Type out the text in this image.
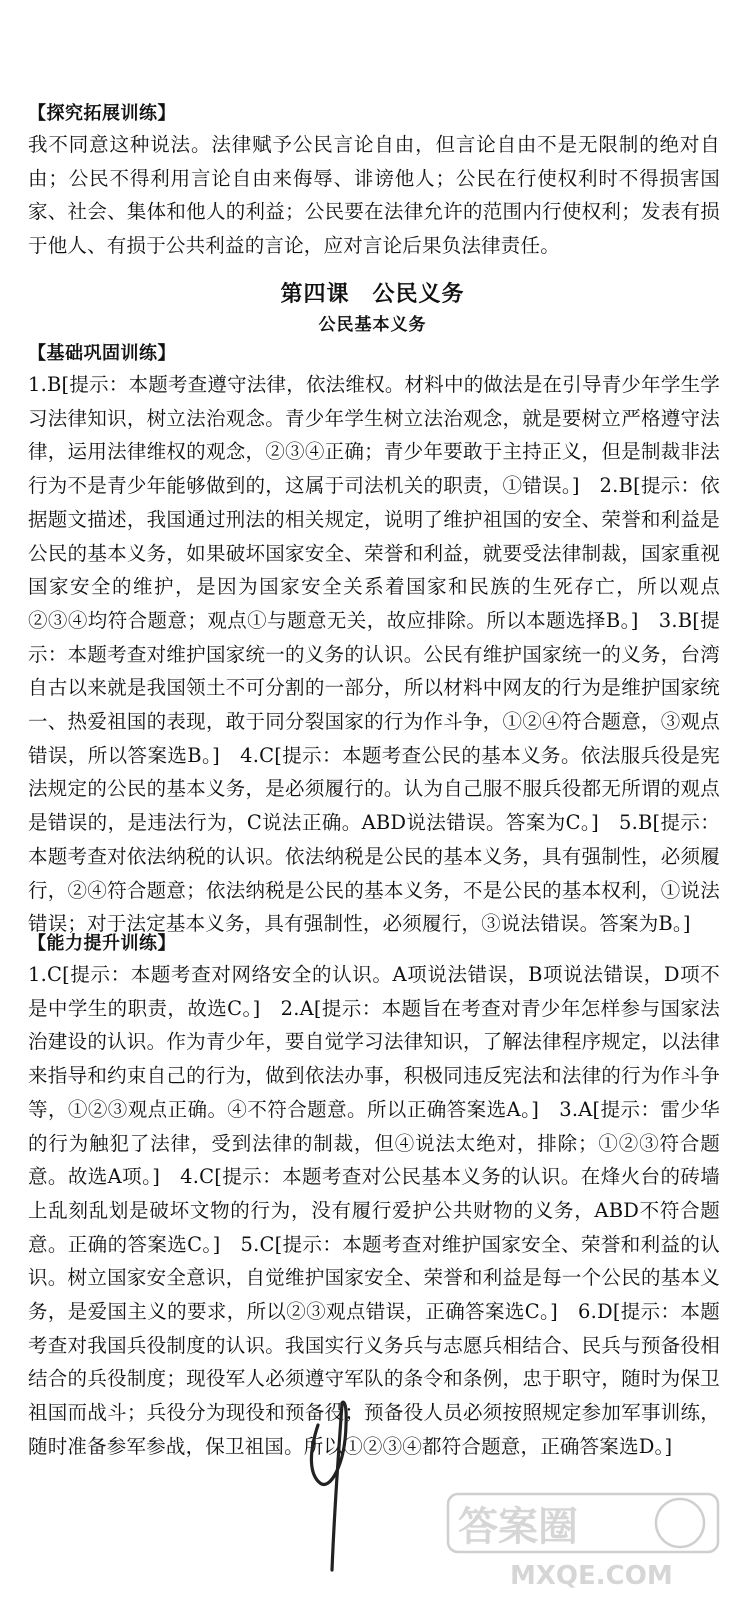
【探究拓展训练】

我不同意这种说法。法律赋予公民言论自由，但言论自由不是无限制的绝对自由；公民不得利用言论自由来侮辱、诽谤他人；公民在行使权利时不得损害国家、社会、集体和他人的利益；公民要在法律允许的范围内行使权利；发表有损于他人、有损于公共利益的言论，应对言论后果负法律责任。

第四课　公民义务
公民基本义务
【基础巩固训练】

1.B[提示：本题考查遵守法律，依法维权。材料中的做法是在引导青少年学生学习法律知识，树立法治观念。青少年学生树立法治观念，就是要树立严格遵守法律，运用法律维权的观念，②③④正确；青少年要敢于主持正义，但是制裁非法行为不是青少年能够做到的，这属于司法机关的职责，①错误。]　2.B[提示：依据题文描述，我国通过刑法的相关规定，说明了维护祖国的安全、荣誉和利益是公民的基本义务，如果破坏国家安全、荣誉和利益，就要受法律制裁，国家重视国家安全的维护，是因为国家安全关系着国家和民族的生死存亡，所以观点②③④均符合题意；观点①与题意无关，故应排除。所以本题选择B。]　3.B[提示：本题考查对维护国家统一的义务的认识。公民有维护国家统一的义务，台湾自古以来就是我国领土不可分割的一部分，所以材料中网友的行为是维护国家统一、热爱祖国的表现，敢于同分裂国家的行为作斗争，①②④符合题意，③观点错误，所以答案选B。]　4.C[提示：本题考查公民的基本义务。依法服兵役是宪法规定的公民的基本义务，是必须履行的。认为自己服不服兵役都无所谓的观点是错误的，是违法行为，C说法正确。ABD说法错误。答案为C。]　5.B[提示：本题考查对依法纳税的认识。依法纳税是公民的基本义务，具有强制性，必须履行，②④符合题意；依法纳税是公民的基本义务，不是公民的基本权利，①说法错误；对于法定基本义务，具有强制性，必须履行，③说法错误。答案为B。]

【能力提升训练】

1.C[提示：本题考查对网络安全的认识。A项说法错误，B项说法错误，D项不是中学生的职责，故选C。]　2.A[提示：本题旨在考查对青少年怎样参与国家法治建设的认识。作为青少年，要自觉学习法律知识，了解法律程序规定，以法律来指导和约束自己的行为，做到依法办事，积极同违反宪法和法律的行为作斗争等，①②③观点正确。④不符合题意。所以正确答案选A。]　3.A[提示：雷少华的行为触犯了法律，受到法律的制裁，但④说法太绝对，排除；①②③符合题意。故选A项。]　4.C[提示：本题考查对公民基本义务的认识。在烽火台的砖墙上乱刻乱划是破坏文物的行为，没有履行爱护公共财物的义务，ABD不符合题意。正确的答案选C。]　5.C[提示：本题考查对维护国家安全、荣誉和利益的认识。树立国家安全意识，自觉维护国家安全、荣誉和利益是每一个公民的基本义务，是爱国主义的要求，所以②③观点错误，正确答案选C。]　6.D[提示：本题考查对我国兵役制度的认识。我国实行义务兵与志愿兵相结合、民兵与预备役相结合的兵役制度；现役军人必须遵守军队的条令和条例，忠于职守，随时为保卫祖国而战斗；兵役分为现役和预备役；预备役人员必须按照规定参加军事训练，随时准备参军参战，保卫祖国。所以①②③④都符合题意，正确答案选D。]

答案圈
MXQE.COM
